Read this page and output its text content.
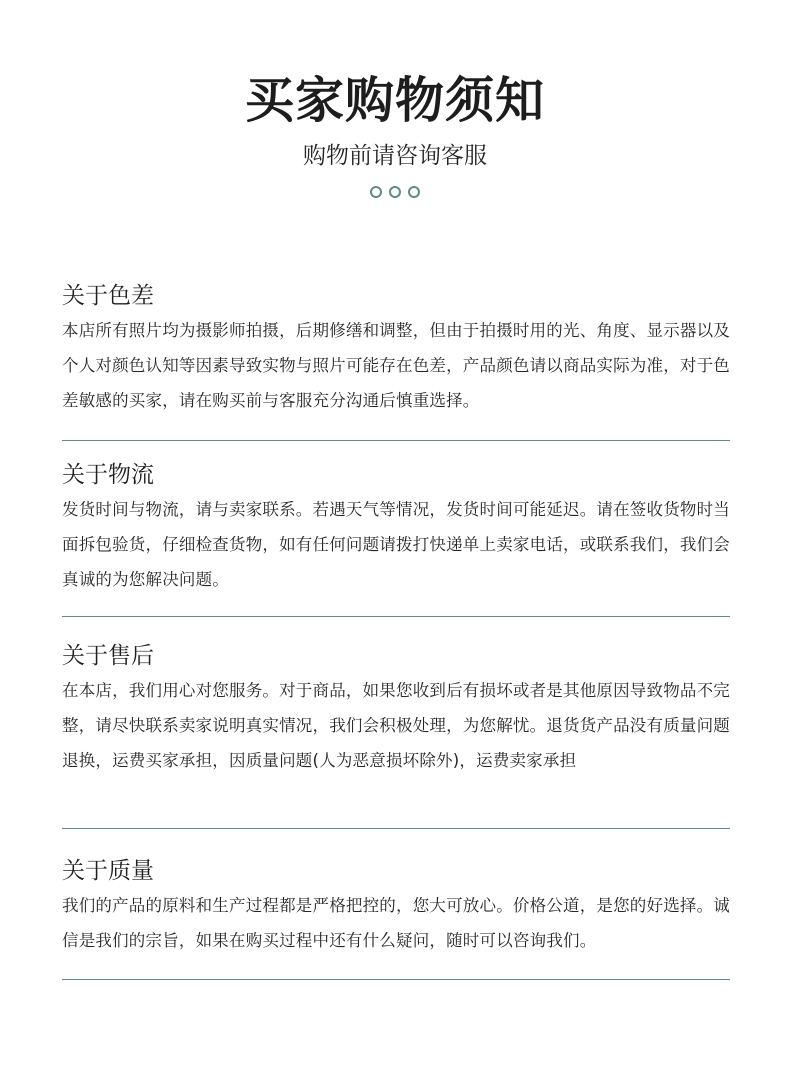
买家购物须知

购物前请咨询客服

关于色差

本店所有照片均为摄影师拍摄，后期修缮和调整，但由于拍摄时用的光、角度、显示器以及个人对颜色认知等因素导致实物与照片可能存在色差，产品颜色请以商品实际为准，对于色差敏感的买家，请在购买前与客服充分沟通后慎重选择。

关于物流

发货时间与物流，请与卖家联系。若遇天气等情况，发货时间可能延迟。请在签收货物时当面拆包验货，仔细检查货物，如有任何问题请拨打快递单上卖家电话，或联系我们，我们会真诚的为您解决问题。

关于售后

在本店，我们用心对您服务。对于商品，如果您收到后有损坏或者是其他原因导致物品不完整，请尽快联系卖家说明真实情况，我们会积极处理，为您解忧。退货货产品没有质量问题退换，运费买家承担，因质量问题(人为恶意损坏除外)，运费卖家承担

关于质量

我们的产品的原料和生产过程都是严格把控的，您大可放心。价格公道，是您的好选择。诚信是我们的宗旨，如果在购买过程中还有什么疑问，随时可以咨询我们。
